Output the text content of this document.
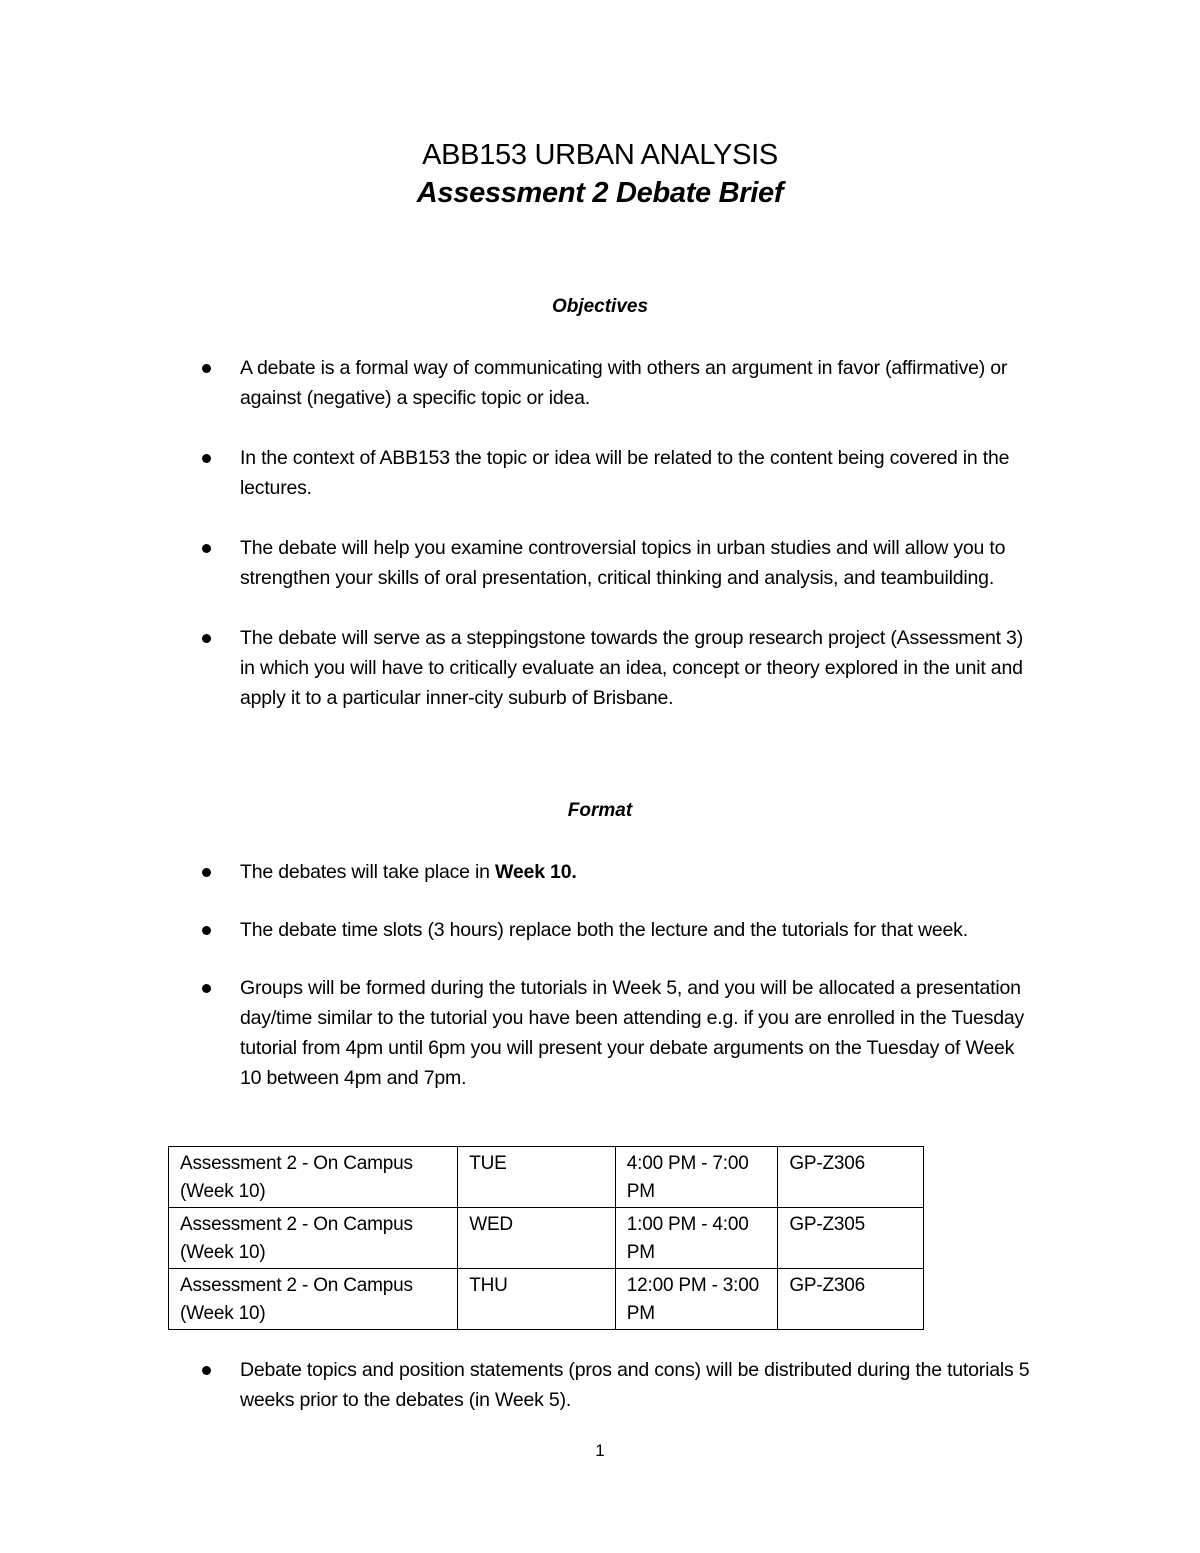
ABB153 URBAN ANALYSIS
Assessment 2 Debate Brief
Objectives
A debate is a formal way of communicating with others an argument in favor (affirmative) or against (negative) a specific topic or idea.
In the context of ABB153 the topic or idea will be related to the content being covered in the lectures.
The debate will help you examine controversial topics in urban studies and will allow you to strengthen your skills of oral presentation, critical thinking and analysis, and teambuilding.
The debate will serve as a steppingstone towards the group research project (Assessment 3) in which you will have to critically evaluate an idea, concept or theory explored in the unit and apply it to a particular inner-city suburb of Brisbane.
Format
The debates will take place in Week 10.
The debate time slots (3 hours) replace both the lecture and the tutorials for that week.
Groups will be formed during the tutorials in Week 5, and you will be allocated a presentation day/time similar to the tutorial you have been attending e.g. if you are enrolled in the Tuesday tutorial from 4pm until 6pm you will present your debate arguments on the Tuesday of Week 10 between 4pm and 7pm.
Assessment 2 - On Campus (Week 10)	TUE	4:00 PM - 7:00 PM	GP-Z306
Assessment 2 - On Campus (Week 10)	WED	1:00 PM - 4:00 PM	GP-Z305
Assessment 2 - On Campus (Week 10)	THU	12:00 PM - 3:00 PM	GP-Z306
Debate topics and position statements (pros and cons) will be distributed during the tutorials 5 weeks prior to the debates (in Week 5).
1
